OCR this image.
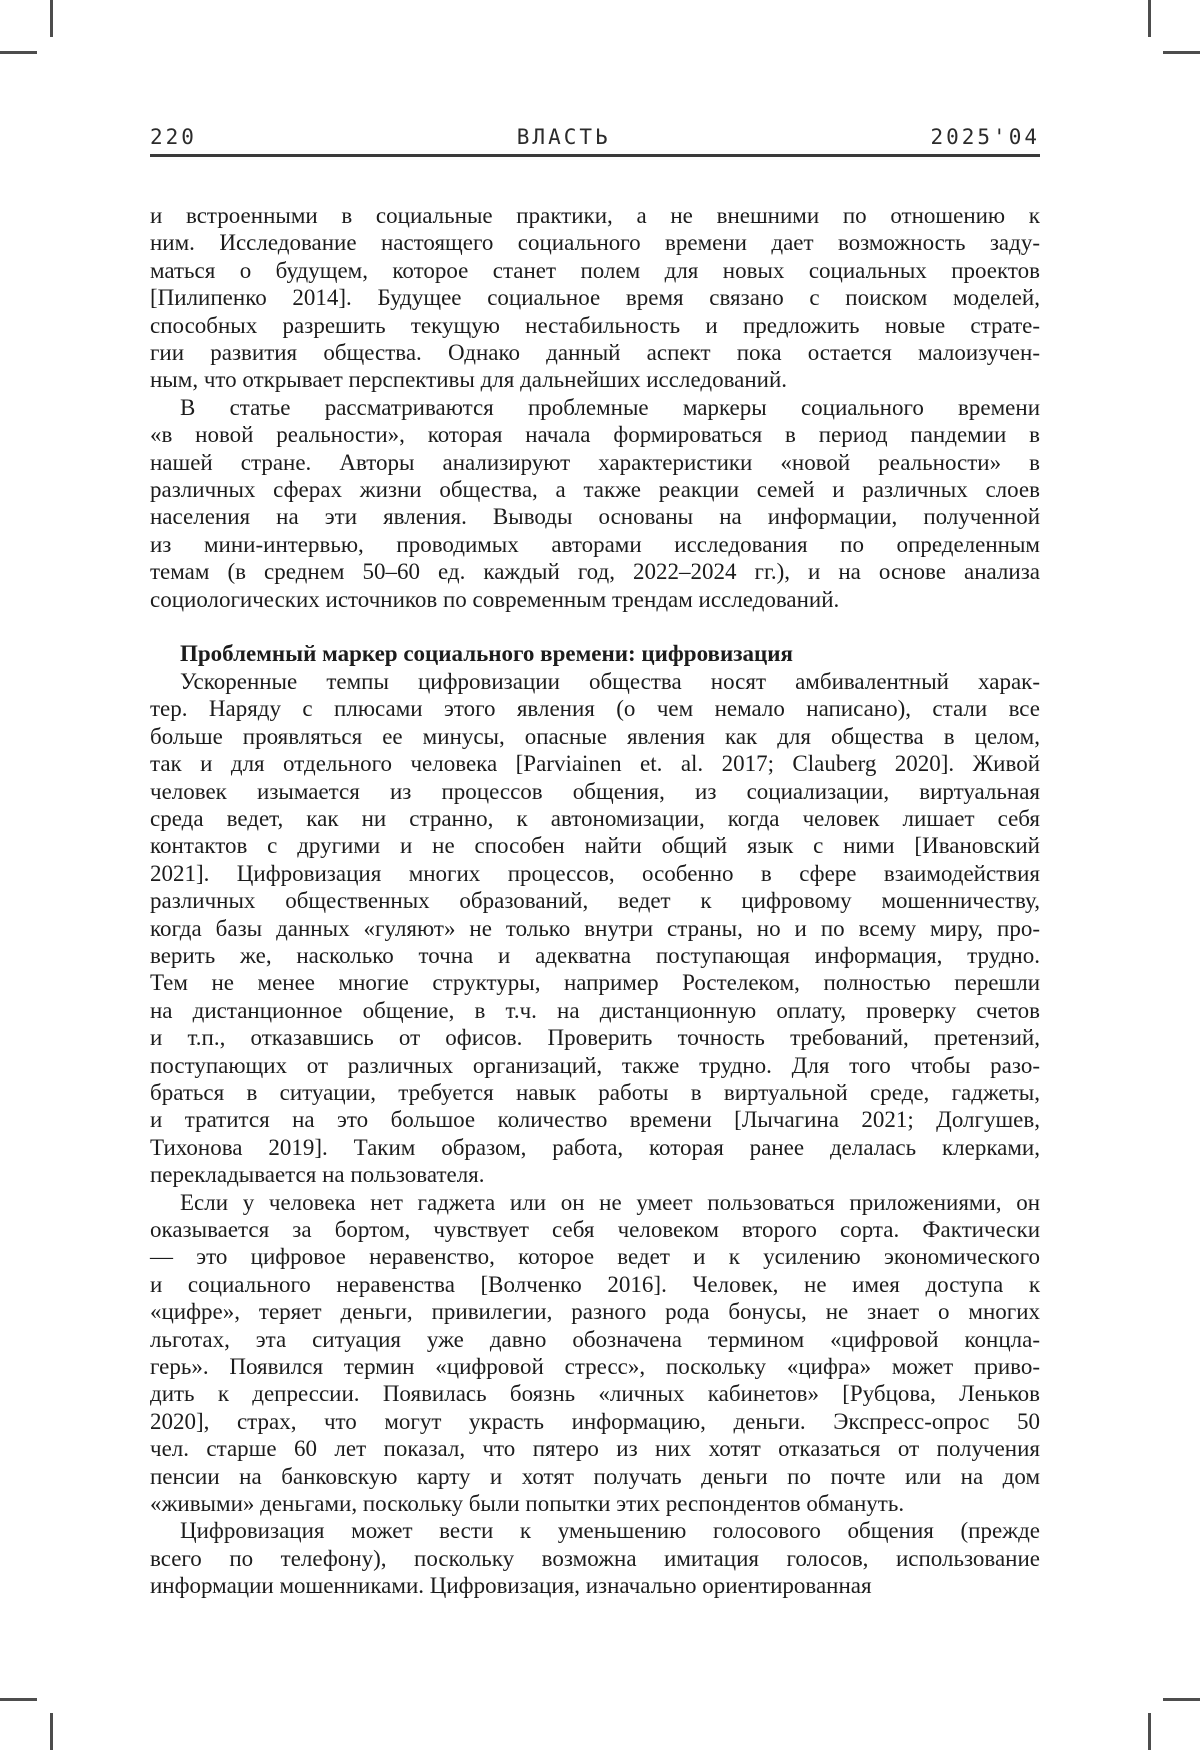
220	ВЛАСТЬ	2025'04

и встроенными в социальные практики, а не внешними по отношению к
ним. Исследование настоящего социального времени дает возможность заду-
маться о будущем, которое станет полем для новых социальных проектов
[Пилипенко 2014]. Будущее социальное время связано с поиском моделей,
способных разрешить текущую нестабильность и предложить новые страте-
гии развития общества. Однако данный аспект пока остается малоизучен-
ным, что открывает перспективы для дальнейших исследований.

В статье рассматриваются проблемные маркеры социального времени
«в новой реальности», которая начала формироваться в период пандемии в
нашей стране. Авторы анализируют характеристики «новой реальности» в
различных сферах жизни общества, а также реакции семей и различных слоев
населения на эти явления. Выводы основаны на информации, полученной
из мини-интервью, проводимых авторами исследования по определенным
темам (в среднем 50–60 ед. каждый год, 2022–2024 гг.), и на основе анализа
социологических источников по современным трендам исследований.

Проблемный маркер социального времени: цифровизация

Ускоренные темпы цифровизации общества носят амбивалентный харак-
тер. Наряду с плюсами этого явления (о чем немало написано), стали все
больше проявляться ее минусы, опасные явления как для общества в целом,
так и для отдельного человека [Parviainen et. al. 2017; Clauberg 2020]. Живой
человек изымается из процессов общения, из социализации, виртуальная
среда ведет, как ни странно, к автономизации, когда человек лишает себя
контактов с другими и не способен найти общий язык с ними [Ивановский
2021]. Цифровизация многих процессов, особенно в сфере взаимодействия
различных общественных образований, ведет к цифровому мошенничеству,
когда базы данных «гуляют» не только внутри страны, но и по всему миру, про-
верить же, насколько точна и адекватна поступающая информация, трудно.
Тем не менее многие структуры, например Ростелеком, полностью перешли
на дистанционное общение, в т.ч. на дистанционную оплату, проверку счетов
и т.п., отказавшись от офисов. Проверить точность требований, претензий,
поступающих от различных организаций, также трудно. Для того чтобы разо-
браться в ситуации, требуется навык работы в виртуальной среде, гаджеты,
и тратится на это большое количество времени [Лычагина 2021; Долгушев,
Тихонова 2019]. Таким образом, работа, которая ранее делалась клерками,
перекладывается на пользователя.

Если у человека нет гаджета или он не умеет пользоваться приложениями, он
оказывается за бортом, чувствует себя человеком второго сорта. Фактически
— это цифровое неравенство, которое ведет и к усилению экономического
и социального неравенства [Волченко 2016]. Человек, не имея доступа к
«цифре», теряет деньги, привилегии, разного рода бонусы, не знает о многих
льготах, эта ситуация уже давно обозначена термином «цифровой концла-
герь». Появился термин «цифровой стресс», поскольку «цифра» может приво-
дить к депрессии. Появилась боязнь «личных кабинетов» [Рубцова, Леньков
2020], страх, что могут украсть информацию, деньги. Экспресс-опрос 50
чел. старше 60 лет показал, что пятеро из них хотят отказаться от получения
пенсии на банковскую карту и хотят получать деньги по почте или на дом
«живыми» деньгами, поскольку были попытки этих респондентов обмануть.

Цифровизация может вести к уменьшению голосового общения (прежде
всего по телефону), поскольку возможна имитация голосов, использование
информации мошенниками. Цифровизация, изначально ориентированная
